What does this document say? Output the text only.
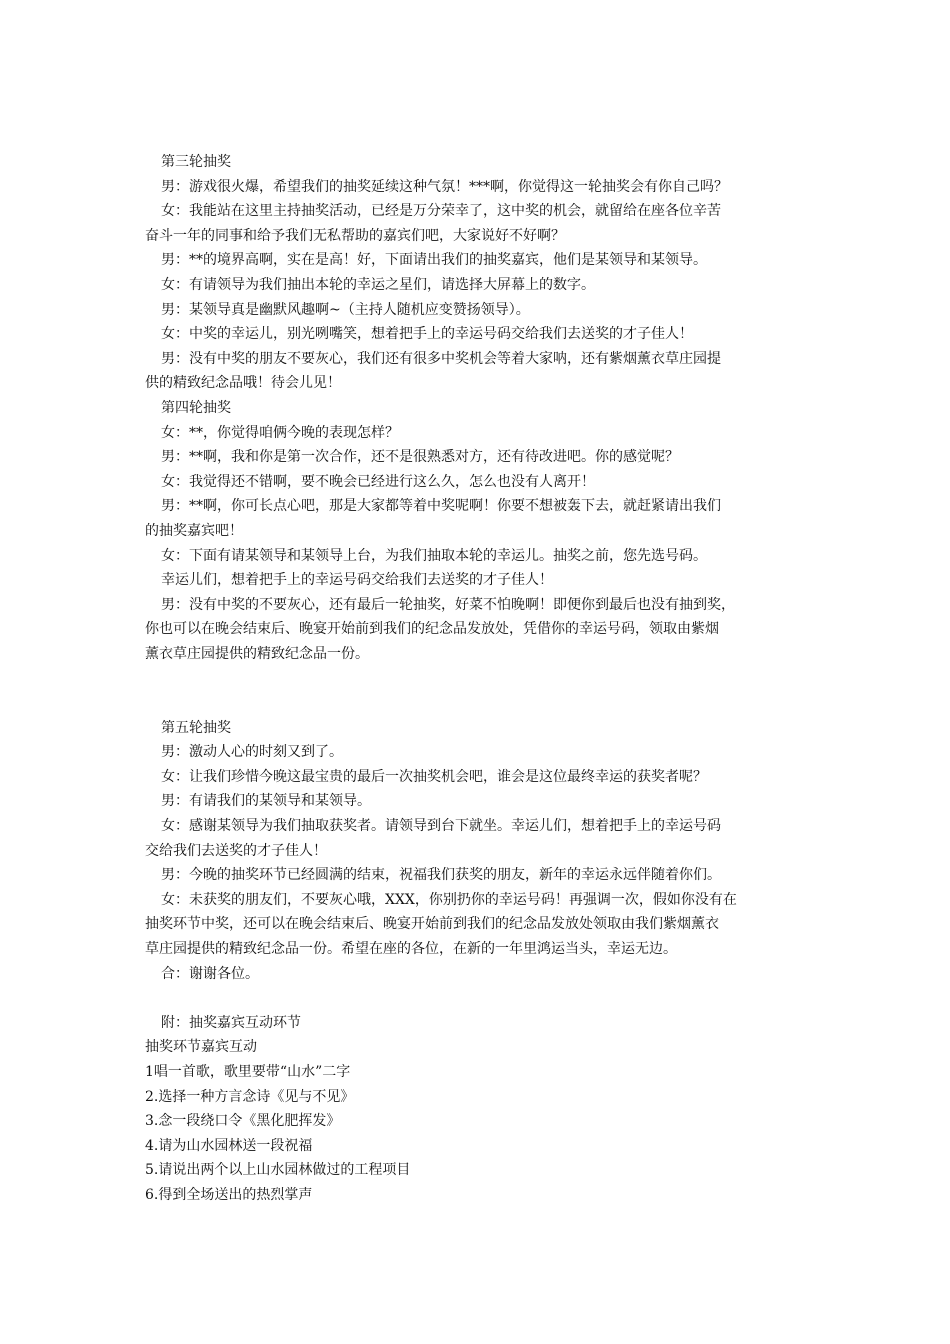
第三轮抽奖
男：游戏很火爆，希望我们的抽奖延续这种气氛！***啊，你觉得这一轮抽奖会有你自己吗？
女：我能站在这里主持抽奖活动，已经是万分荣幸了，这中奖的机会，就留给在座各位辛苦
奋斗一年的同事和给予我们无私帮助的嘉宾们吧，大家说好不好啊？
男：**的境界高啊，实在是高！好，下面请出我们的抽奖嘉宾，他们是某领导和某领导。
女：有请领导为我们抽出本轮的幸运之星们，请选择大屏幕上的数字。
男：某领导真是幽默风趣啊~（主持人随机应变赞扬领导）。
女：中奖的幸运儿，别光咧嘴笑，想着把手上的幸运号码交给我们去送奖的才子佳人！
男：没有中奖的朋友不要灰心，我们还有很多中奖机会等着大家呐，还有紫烟薰衣草庄园提
供的精致纪念品哦！待会儿见！
第四轮抽奖
女：**，你觉得咱俩今晚的表现怎样？
男：**啊，我和你是第一次合作，还不是很熟悉对方，还有待改进吧。你的感觉呢？
女：我觉得还不错啊，要不晚会已经进行这么久，怎么也没有人离开！
男：**啊，你可长点心吧，那是大家都等着中奖呢啊！你要不想被轰下去，就赶紧请出我们
的抽奖嘉宾吧！
女：下面有请某领导和某领导上台，为我们抽取本轮的幸运儿。抽奖之前，您先选号码。
幸运儿们，想着把手上的幸运号码交给我们去送奖的才子佳人！
男：没有中奖的不要灰心，还有最后一轮抽奖，好菜不怕晚啊！即便你到最后也没有抽到奖，
你也可以在晚会结束后、晚宴开始前到我们的纪念品发放处，凭借你的幸运号码，领取由紫烟
薰衣草庄园提供的精致纪念品一份。
第五轮抽奖
男：激动人心的时刻又到了。
女：让我们珍惜今晚这最宝贵的最后一次抽奖机会吧，谁会是这位最终幸运的获奖者呢？
男：有请我们的某领导和某领导。
女：感谢某领导为我们抽取获奖者。请领导到台下就坐。幸运儿们，想着把手上的幸运号码
交给我们去送奖的才子佳人！
男：今晚的抽奖环节已经圆满的结束，祝福我们获奖的朋友，新年的幸运永远伴随着你们。
女：未获奖的朋友们，不要灰心哦，XXX，你别扔你的幸运号码！再强调一次，假如你没有在
抽奖环节中奖，还可以在晚会结束后、晚宴开始前到我们的纪念品发放处领取由我们紫烟薰衣
草庄园提供的精致纪念品一份。希望在座的各位，在新的一年里鸿运当头，幸运无边。
合：谢谢各位。
附：抽奖嘉宾互动环节
抽奖环节嘉宾互动
1唱一首歌，歌里要带“山水”二字
2.选择一种方言念诗《见与不见》
3.念一段绕口令《黑化肥挥发》
4.请为山水园林送一段祝福
5.请说出两个以上山水园林做过的工程项目
6.得到全场送出的热烈掌声
